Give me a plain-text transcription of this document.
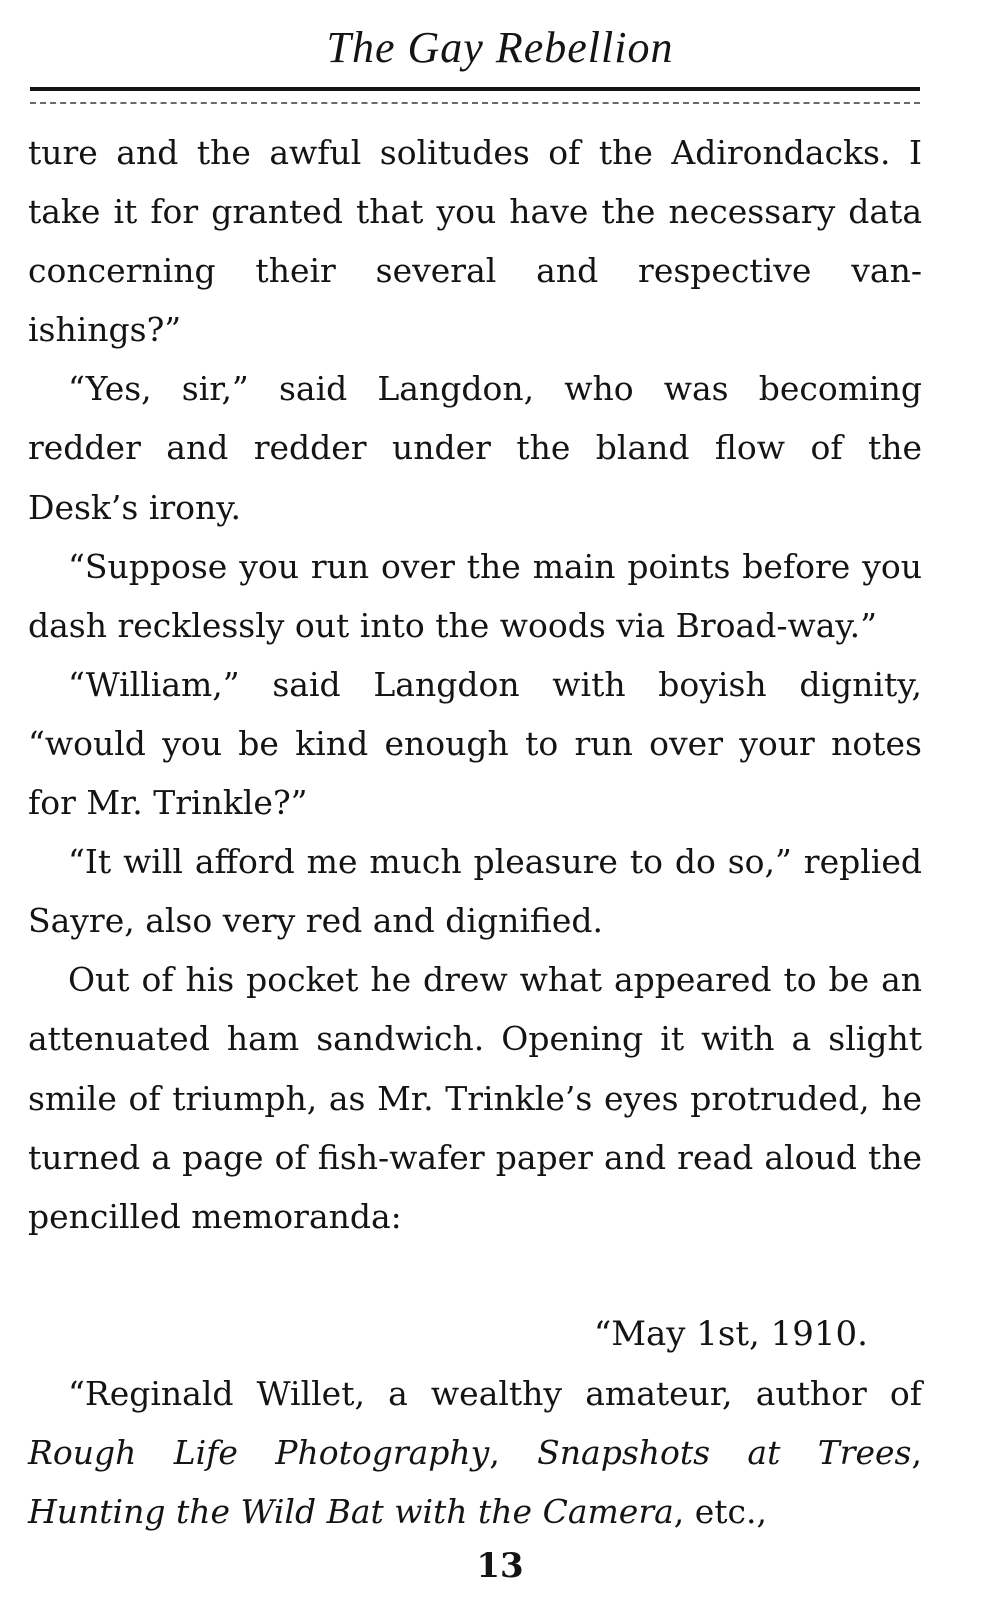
The Gay Rebellion

ture and the awful solitudes of the Adirondacks. I take it for granted that you have the necessary data concerning their several and respective van-ishings?”

“Yes, sir,” said Langdon, who was becoming redder and redder under the bland flow of the Desk’s irony.

“Suppose you run over the main points before you dash recklessly out into the woods via Broad-way.”

“William,” said Langdon with boyish dignity, “would you be kind enough to run over your notes for Mr. Trinkle?”

“It will afford me much pleasure to do so,” replied Sayre, also very red and dignified.

Out of his pocket he drew what appeared to be an attenuated ham sandwich. Opening it with a slight smile of triumph, as Mr. Trinkle’s eyes protruded, he turned a page of fish-wafer paper and read aloud the pencilled memoranda:

“May 1st, 1910.

“Reginald Willet, a wealthy amateur, author of Rough Life Photography, Snapshots at Trees, Hunting the Wild Bat with the Camera, etc.,

13
